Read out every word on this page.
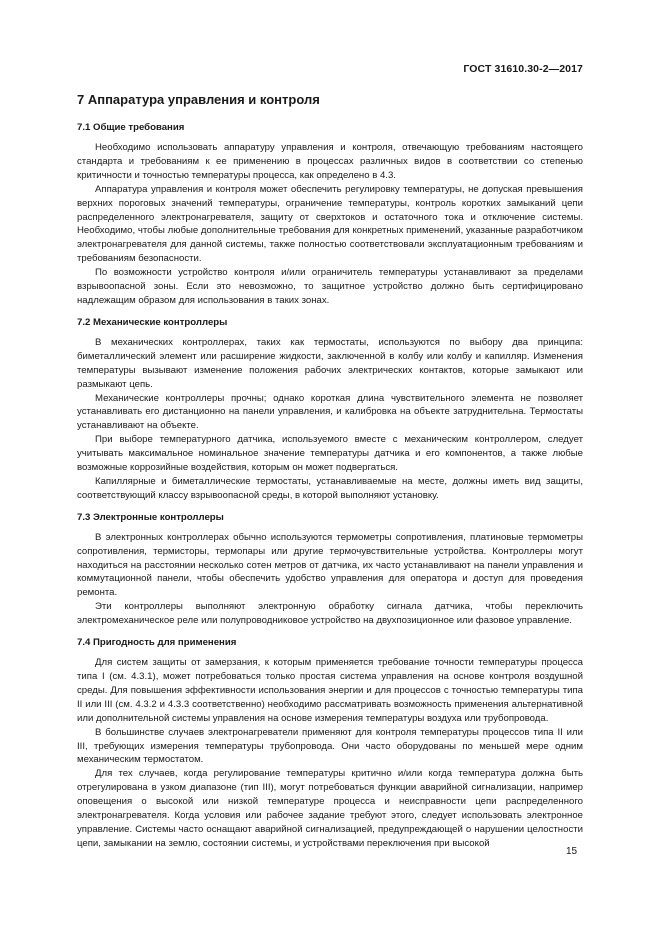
ГОСТ 31610.30-2—2017
7 Аппаратура управления и контроля
7.1 Общие требования

Необходимо использовать аппаратуру управления и контроля, отвечающую требованиям настоящего стандарта и требованиям к ее применению в процессах различных видов в соответствии со степенью критичности и точностью температуры процесса, как определено в 4.3.

Аппаратура управления и контроля может обеспечить регулировку температуры, не допуская превышения верхних пороговых значений температуры, ограничение температуры, контроль коротких замыканий цепи распределенного электронагревателя, защиту от сверхтоков и остаточного тока и отключение системы. Необходимо, чтобы любые дополнительные требования для конкретных применений, указанные разработчиком электронагревателя для данной системы, также полностью соответствовали эксплуатационным требованиям и требованиям безопасности.

По возможности устройство контроля и/или ограничитель температуры устанавливают за пределами взрывоопасной зоны. Если это невозможно, то защитное устройство должно быть сертифицировано надлежащим образом для использования в таких зонах.

7.2 Механические контроллеры

В механических контроллерах, таких как термостаты, используются по выбору два принципа: биметаллический элемент или расширение жидкости, заключенной в колбу или колбу и капилляр. Изменения температуры вызывают изменение положения рабочих электрических контактов, которые замыкают или размыкают цепь.

Механические контроллеры прочны; однако короткая длина чувствительного элемента не позволяет устанавливать его дистанционно на панели управления, и калибровка на объекте затруднительна. Термостаты устанавливают на объекте.

При выборе температурного датчика, используемого вместе с механическим контроллером, следует учитывать максимальное номинальное значение температуры датчика и его компонентов, а также любые возможные коррозийные воздействия, которым он может подвергаться.

Капиллярные и биметаллические термостаты, устанавливаемые на месте, должны иметь вид защиты, соответствующий классу взрывоопасной среды, в которой выполняют установку.

7.3 Электронные контроллеры

В электронных контроллерах обычно используются термометры сопротивления, платиновые термометры сопротивления, термисторы, термопары или другие термочувствительные устройства. Контроллеры могут находиться на расстоянии несколько сотен метров от датчика, их часто устанавливают на панели управления и коммутационной панели, чтобы обеспечить удобство управления для оператора и доступ для проведения ремонта.

Эти контроллеры выполняют электронную обработку сигнала датчика, чтобы переключить электромеханическое реле или полупроводниковое устройство на двухпозиционное или фазовое управление.

7.4 Пригодность для применения

Для систем защиты от замерзания, к которым применяется требование точности температуры процесса типа I (см. 4.3.1), может потребоваться только простая система управления на основе контроля воздушной среды. Для повышения эффективности использования энергии и для процессов с точностью температуры типа II или III (см. 4.3.2 и 4.3.3 соответственно) необходимо рассматривать возможность применения альтернативной или дополнительной системы управления на основе измерения температуры воздуха или трубопровода.

В большинстве случаев электронагреватели применяют для контроля температуры процессов типа II или III, требующих измерения температуры трубопровода. Они часто оборудованы по меньшей мере одним механическим термостатом.

Для тех случаев, когда регулирование температуры критично и/или когда температура должна быть отрегулирована в узком диапазоне (тип III), могут потребоваться функции аварийной сигнализации, например оповещения о высокой или низкой температуре процесса и неисправности цепи распределенного электронагревателя. Когда условия или рабочее задание требуют этого, следует использовать электронное управление. Системы часто оснащают аварийной сигнализацией, предупреждающей о нарушении целостности цепи, замыкании на землю, состоянии системы, и устройствами переключения при высокой

15
